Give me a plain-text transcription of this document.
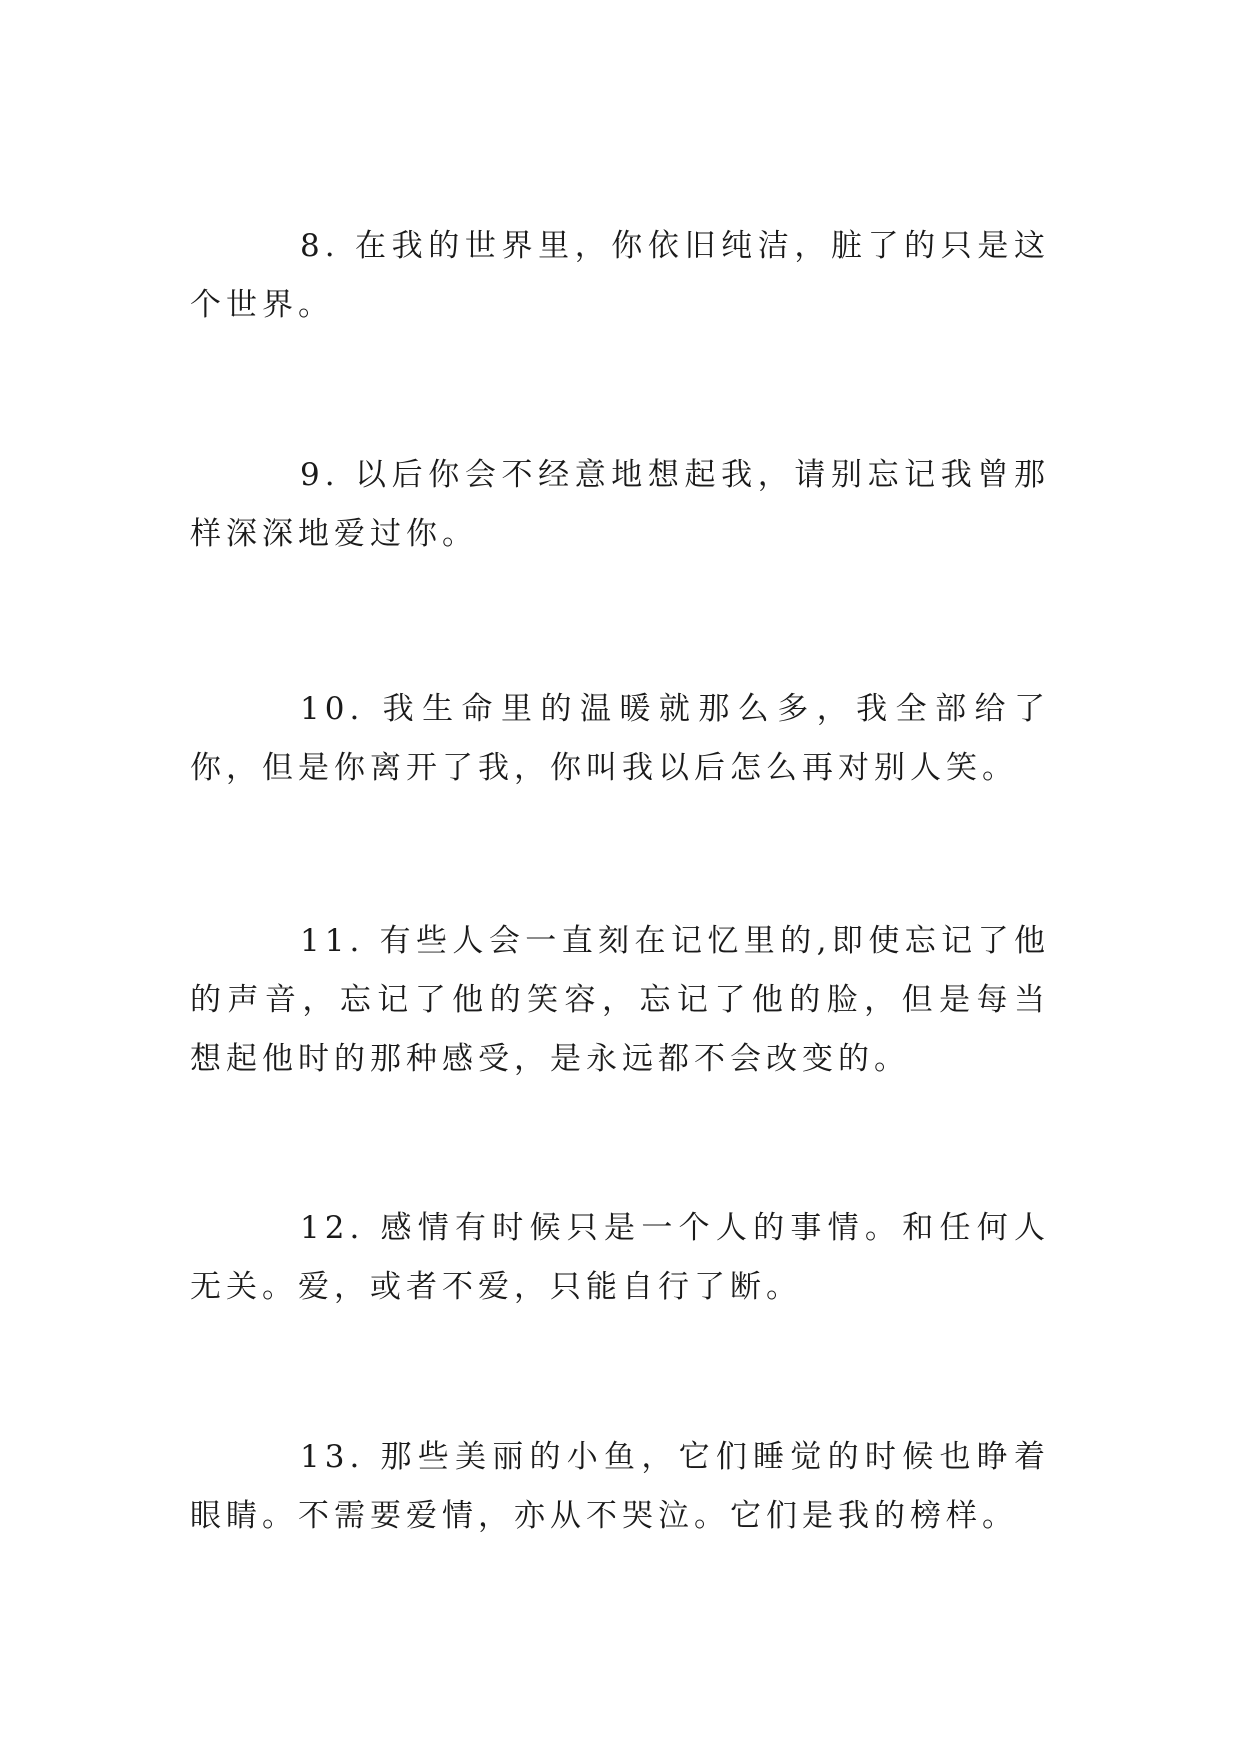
8. 在我的世界里，你依旧纯洁，脏了的只是这个世界。

9. 以后你会不经意地想起我，请别忘记我曾那样深深地爱过你。

10. 我生命里的温暖就那么多，我全部给了你，但是你离开了我，你叫我以后怎么再对别人笑。

11. 有些人会一直刻在记忆里的,即使忘记了他的声音，忘记了他的笑容，忘记了他的脸，但是每当想起他时的那种感受，是永远都不会改变的。

12. 感情有时候只是一个人的事情。和任何人无关。爱，或者不爱，只能自行了断。

13. 那些美丽的小鱼，它们睡觉的时候也睁着眼睛。不需要爱情，亦从不哭泣。它们是我的榜样。
